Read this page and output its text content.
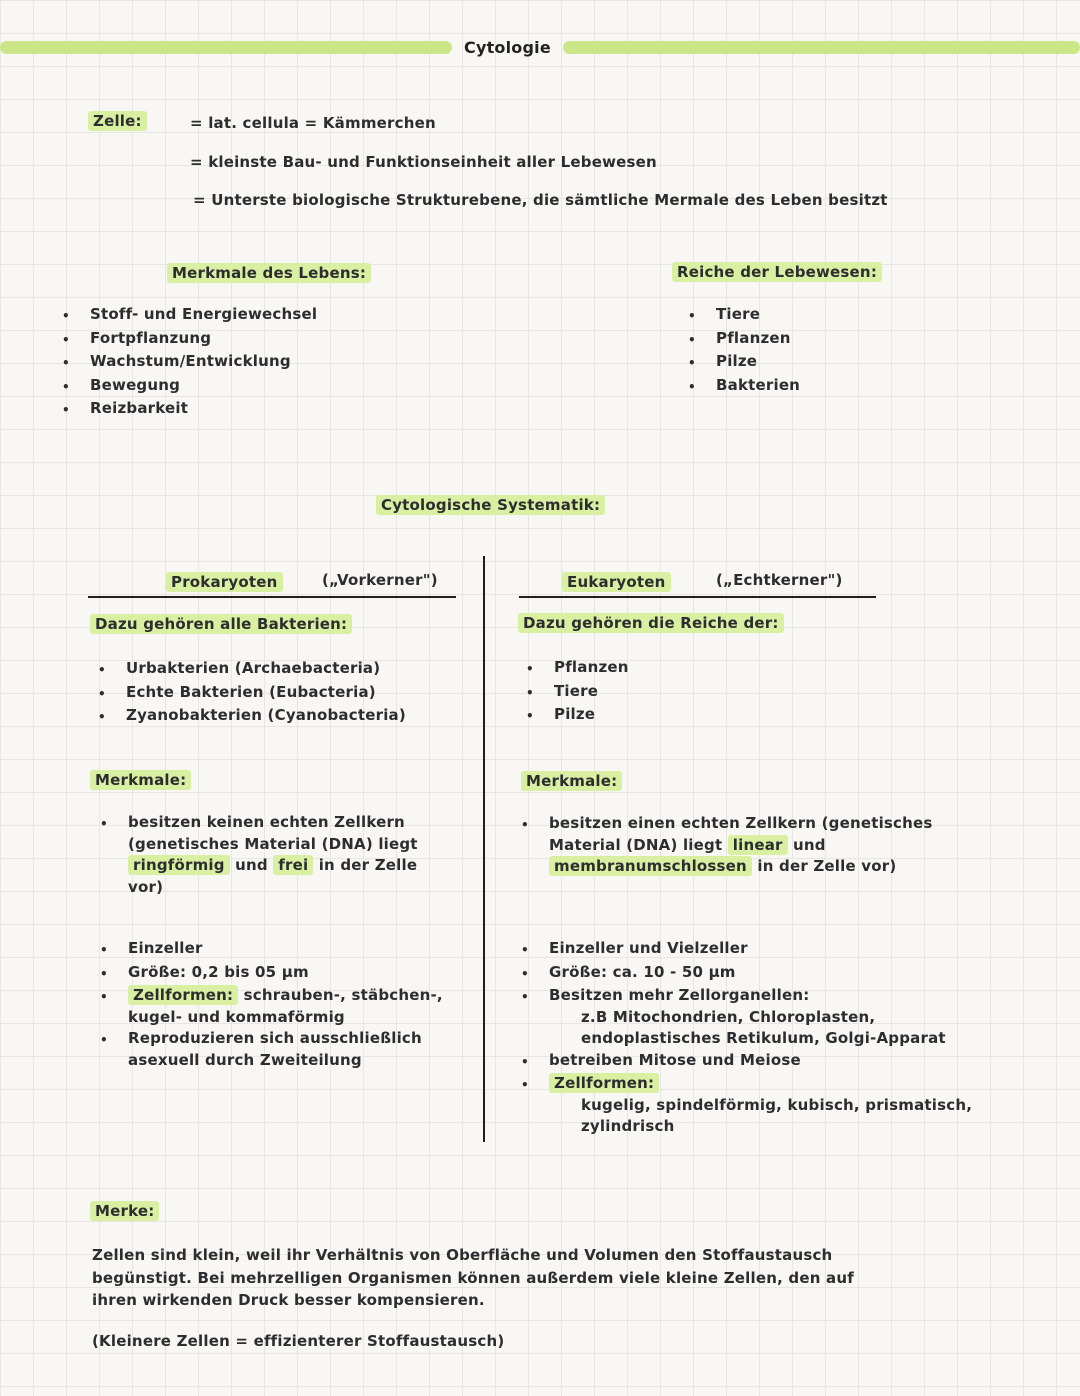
Cytologie
Zelle:	= lat. cellula = Kämmerchen
= kleinste Bau- und Funktionseinheit aller Lebewesen
= Unterste biologische Strukturebene, die sämtliche Mermale des Leben besitzt
Merkmale des Lebens:	Reiche der Lebewesen:
•	Stoff- und Energiewechsel
•	Fortpflanzung
•	Wachstum/Entwicklung
•	Bewegung
•	Reizbarkeit
•	Tiere
•	Pflanzen
•	Pilze
•	Bakterien
Cytologische Systematik:
Prokaryoten	(„Vorkerner")	Eukaryoten	(„Echtkerner")
Dazu gehören alle Bakterien:	Dazu gehören die Reiche der:
•	Urbakterien (Archaebacteria)
•	Echte Bakterien (Eubacteria)
•	Zyanobakterien (Cyanobacteria)
•	Pflanzen
•	Tiere
•	Pilze
Merkmale:	Merkmale:
•	besitzen keinen echten Zellkern (genetisches Material (DNA) liegt ringförmig und frei in der Zelle vor)
•	besitzen einen echten Zellkern (genetisches Material (DNA) liegt linear und membranumschlossen in der Zelle vor)
•	Einzeller
•	Größe: 0,2 bis 05 μm
•	Zellformen: schrauben-, stäbchen-, kugel- und kommaförmig
•	Reproduzieren sich ausschließlich asexuell durch Zweiteilung
•	Einzeller und Vielzeller
•	Größe: ca. 10 - 50 μm
•	Besitzen mehr Zellorganellen:
z.B Mitochondrien, Chloroplasten,
endoplastisches Retikulum, Golgi-Apparat
•	betreiben Mitose und Meiose
•	Zellformen:
kugelig, spindelförmig, kubisch, prismatisch, zylindrisch
Merke:
Zellen sind klein, weil ihr Verhältnis von Oberfläche und Volumen den Stoffaustausch begünstigt. Bei mehrzelligen Organismen können außerdem viele kleine Zellen, den auf ihren wirkenden Druck besser kompensieren.
(Kleinere Zellen = effizienterer Stoffaustausch)
